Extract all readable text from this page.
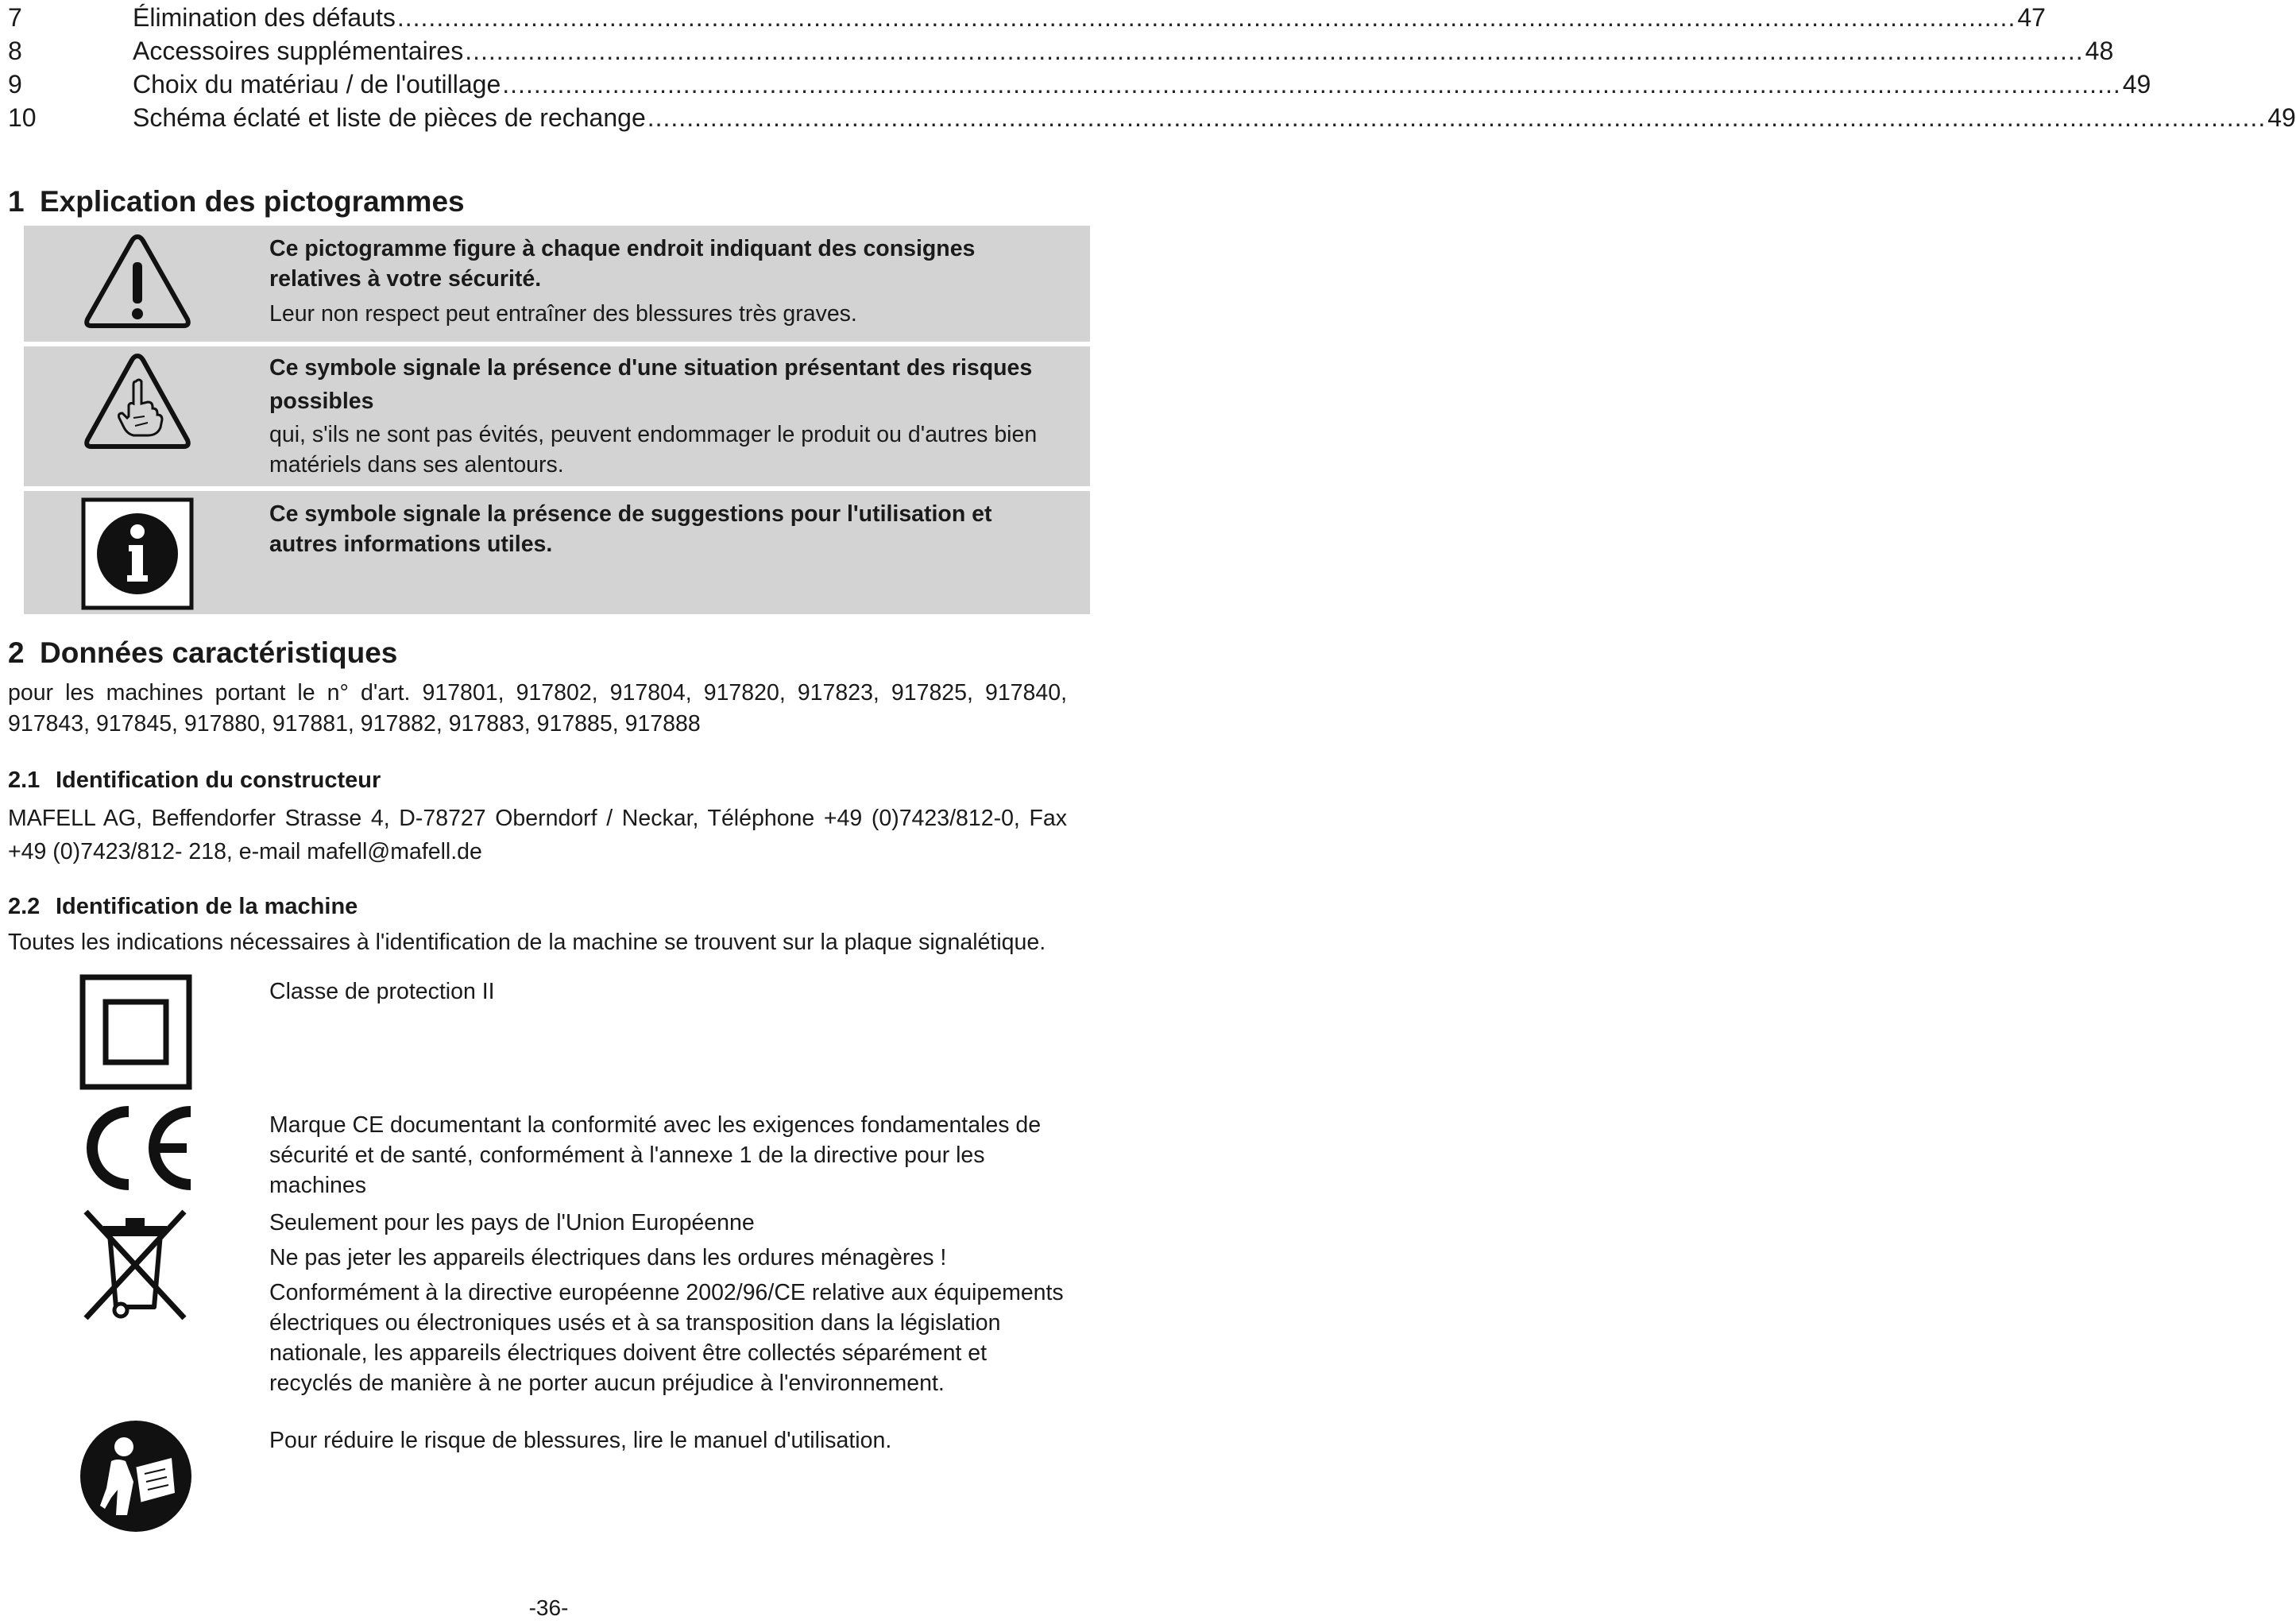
7	Élimination des défauts .............................................................................................................................................................................................................. 47
8	Accessoires supplémentaires .............................................................................................................................................................................................................. 48
9	Choix du matériau / de l'outillage .............................................................................................................................................................................................................. 49
10	Schéma éclaté et liste de pièces de rechange .............................................................................................................................................................................................................. 49
1 Explication des pictogrammes

Ce pictogramme figure à chaque endroit indiquant des consignes relatives à votre sécurité.

Leur non respect peut entraîner des blessures très graves.

Ce symbole signale la présence d'une situation présentant des risques possibles

qui, s'ils ne sont pas évités, peuvent endommager le produit ou d'autres bien matériels dans ses alentours.

Ce symbole signale la présence de suggestions pour l'utilisation et autres informations utiles.

2 Données caractéristiques

pour les machines portant le n° d'art. 917801, 917802, 917804, 917820, 917823, 917825, 917840, 917843, 917845, 917880, 917881, 917882, 917883, 917885, 917888

2.1 Identification du constructeur

MAFELL AG, Beffendorfer Strasse 4, D-78727 Oberndorf / Neckar, Téléphone +49 (0)7423/812-0, Fax +49 (0)7423/812- 218, e-mail mafell@mafell.de

2.2 Identification de la machine

Toutes les indications nécessaires à l'identification de la machine se trouvent sur la plaque signalétique.

Classe de protection II

Marque CE documentant la conformité avec les exigences fondamentales de sécurité et de santé, conformément à l'annexe 1 de la directive pour les machines

Seulement pour les pays de l'Union Européenne

Ne pas jeter les appareils électriques dans les ordures ménagères !

Conformément à la directive européenne 2002/96/CE relative aux équipements électriques ou électroniques usés et à sa transposition dans la législation nationale, les appareils électriques doivent être collectés séparément et recyclés de manière à ne porter aucun préjudice à l'environnement.

Pour réduire le risque de blessures, lire le manuel d'utilisation.

-36-
